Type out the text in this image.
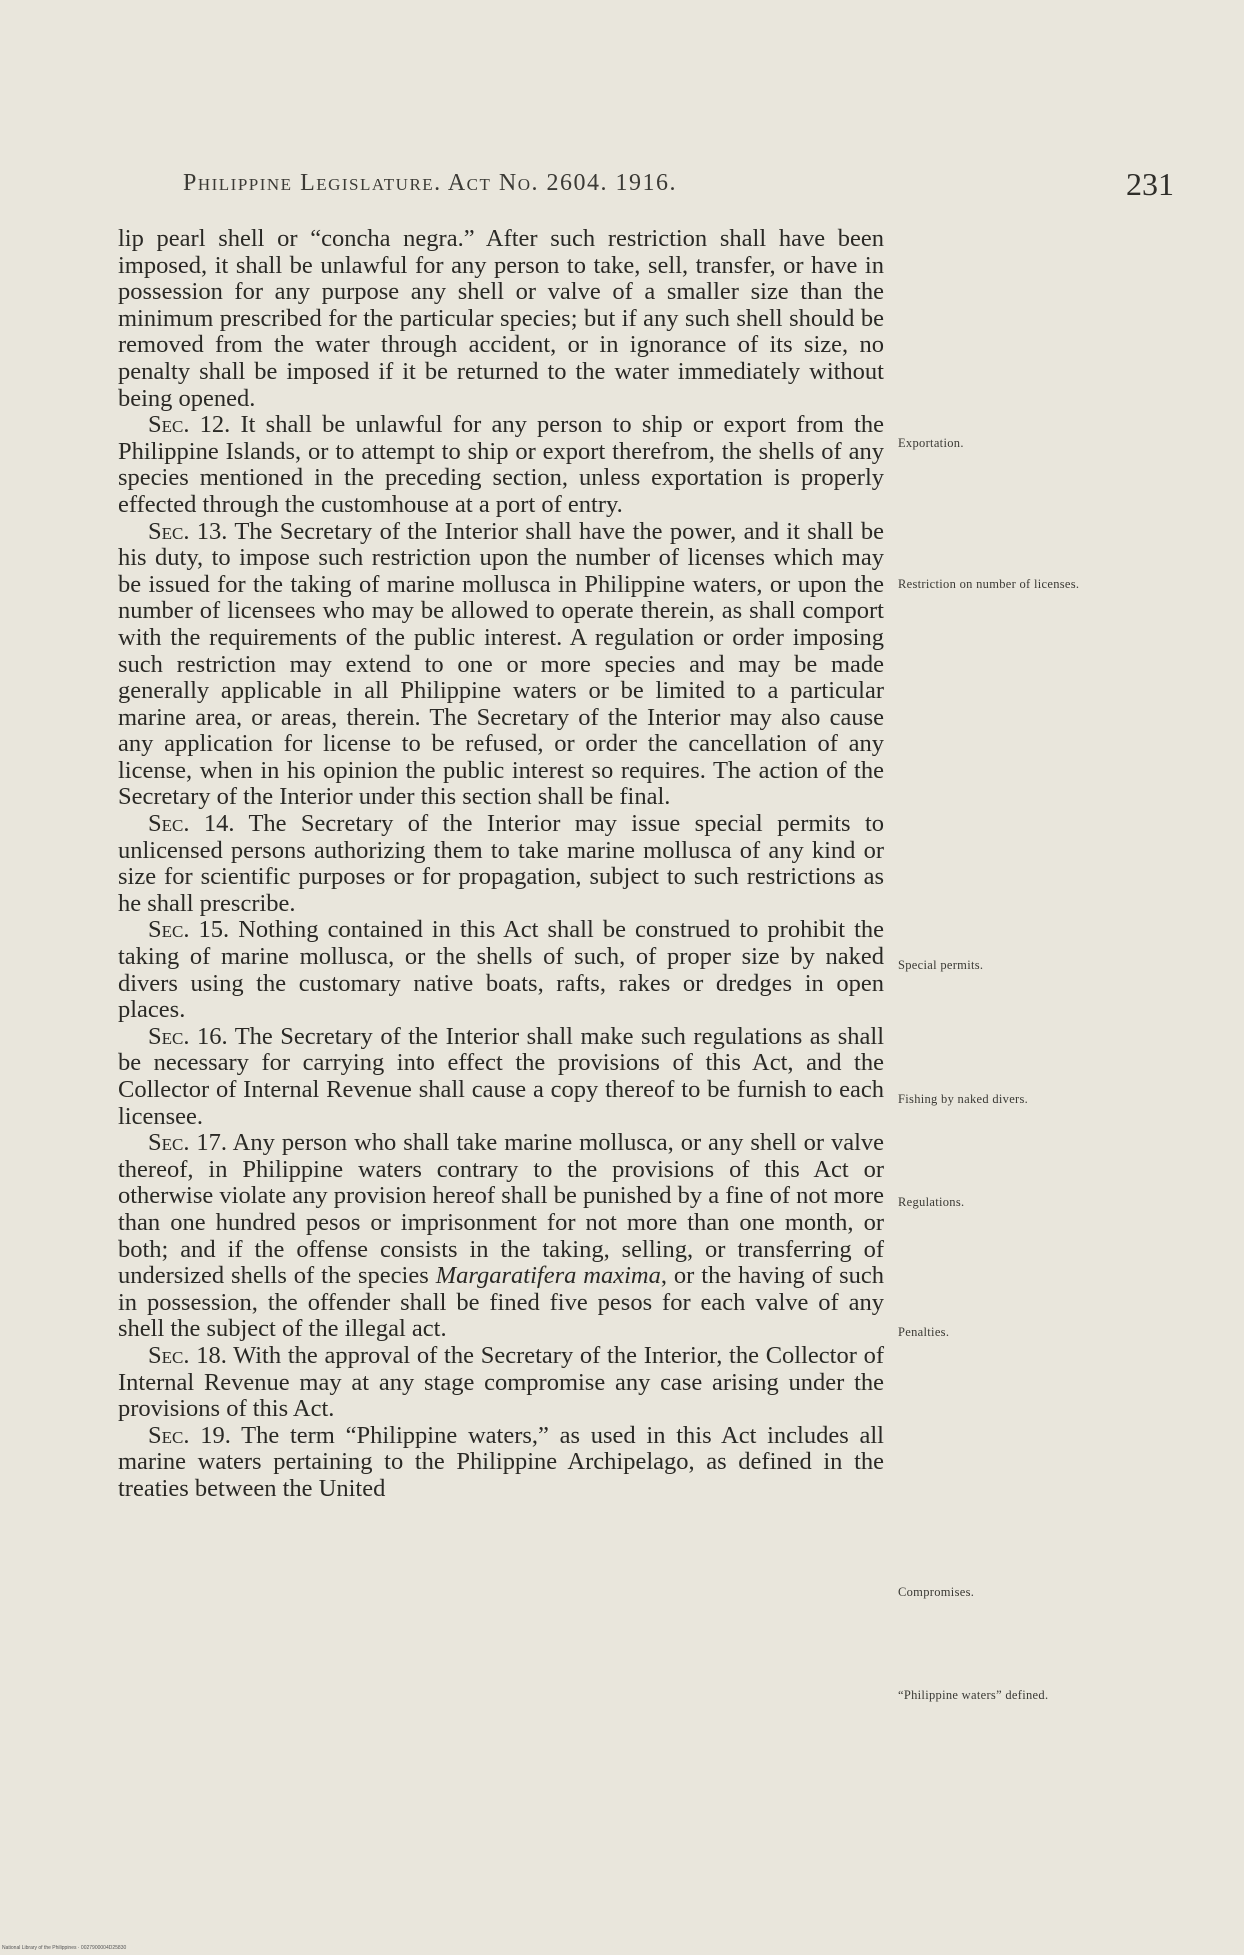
Philippine Legislature. Act No. 2604. 1916.	231

lip pearl shell or “concha negra.” After such restriction shall have been imposed, it shall be unlawful for any person to take, sell, transfer, or have in possession for any purpose any shell or valve of a smaller size than the minimum prescribed for the particular species; but if any such shell should be removed from the water through accident, or in ignorance of its size, no penalty shall be imposed if it be returned to the water immediately without being opened.

Sec. 12. It shall be unlawful for any person to ship or export from the Philippine Islands, or to attempt to ship or export therefrom, the shells of any species mentioned in the preceding section, unless exportation is properly effected through the customhouse at a port of entry.

Sec. 13. The Secretary of the Interior shall have the power, and it shall be his duty, to impose such restriction upon the number of licenses which may be issued for the taking of marine mollusca in Philippine waters, or upon the number of licensees who may be allowed to operate therein, as shall comport with the requirements of the public interest. A regulation or order imposing such restriction may extend to one or more species and may be made generally applicable in all Philippine waters or be limited to a particular marine area, or areas, therein. The Secretary of the Interior may also cause any application for license to be refused, or order the cancellation of any license, when in his opinion the public interest so requires. The action of the Secretary of the Interior under this section shall be final.

Sec. 14. The Secretary of the Interior may issue special permits to unlicensed persons authorizing them to take marine mollusca of any kind or size for scientific purposes or for propagation, subject to such restrictions as he shall prescribe.

Sec. 15. Nothing contained in this Act shall be construed to prohibit the taking of marine mollusca, or the shells of such, of proper size by naked divers using the customary native boats, rafts, rakes or dredges in open places.

Sec. 16. The Secretary of the Interior shall make such regulations as shall be necessary for carrying into effect the provisions of this Act, and the Collector of Internal Revenue shall cause a copy thereof to be furnish to each licensee.

Sec. 17. Any person who shall take marine mollusca, or any shell or valve thereof, in Philippine waters contrary to the provisions of this Act or otherwise violate any provision hereof shall be punished by a fine of not more than one hundred pesos or imprisonment for not more than one month, or both; and if the offense consists in the taking, selling, or transferring of undersized shells of the species Margaratifera maxima, or the having of such in possession, the offender shall be fined five pesos for each valve of any shell the subject of the illegal act.

Sec. 18. With the approval of the Secretary of the Interior, the Collector of Internal Revenue may at any stage compromise any case arising under the provisions of this Act.

Sec. 19. The term “Philippine waters,” as used in this Act includes all marine waters pertaining to the Philippine Archipelago, as defined in the treaties between the United

Exportation.
Restriction on number of licenses.
Special permits.
Fishing by naked divers.
Regulations.
Penalties.
Compromises.
“Philippine waters” defined.
National Library of the Philippines · 0027900004D25830
